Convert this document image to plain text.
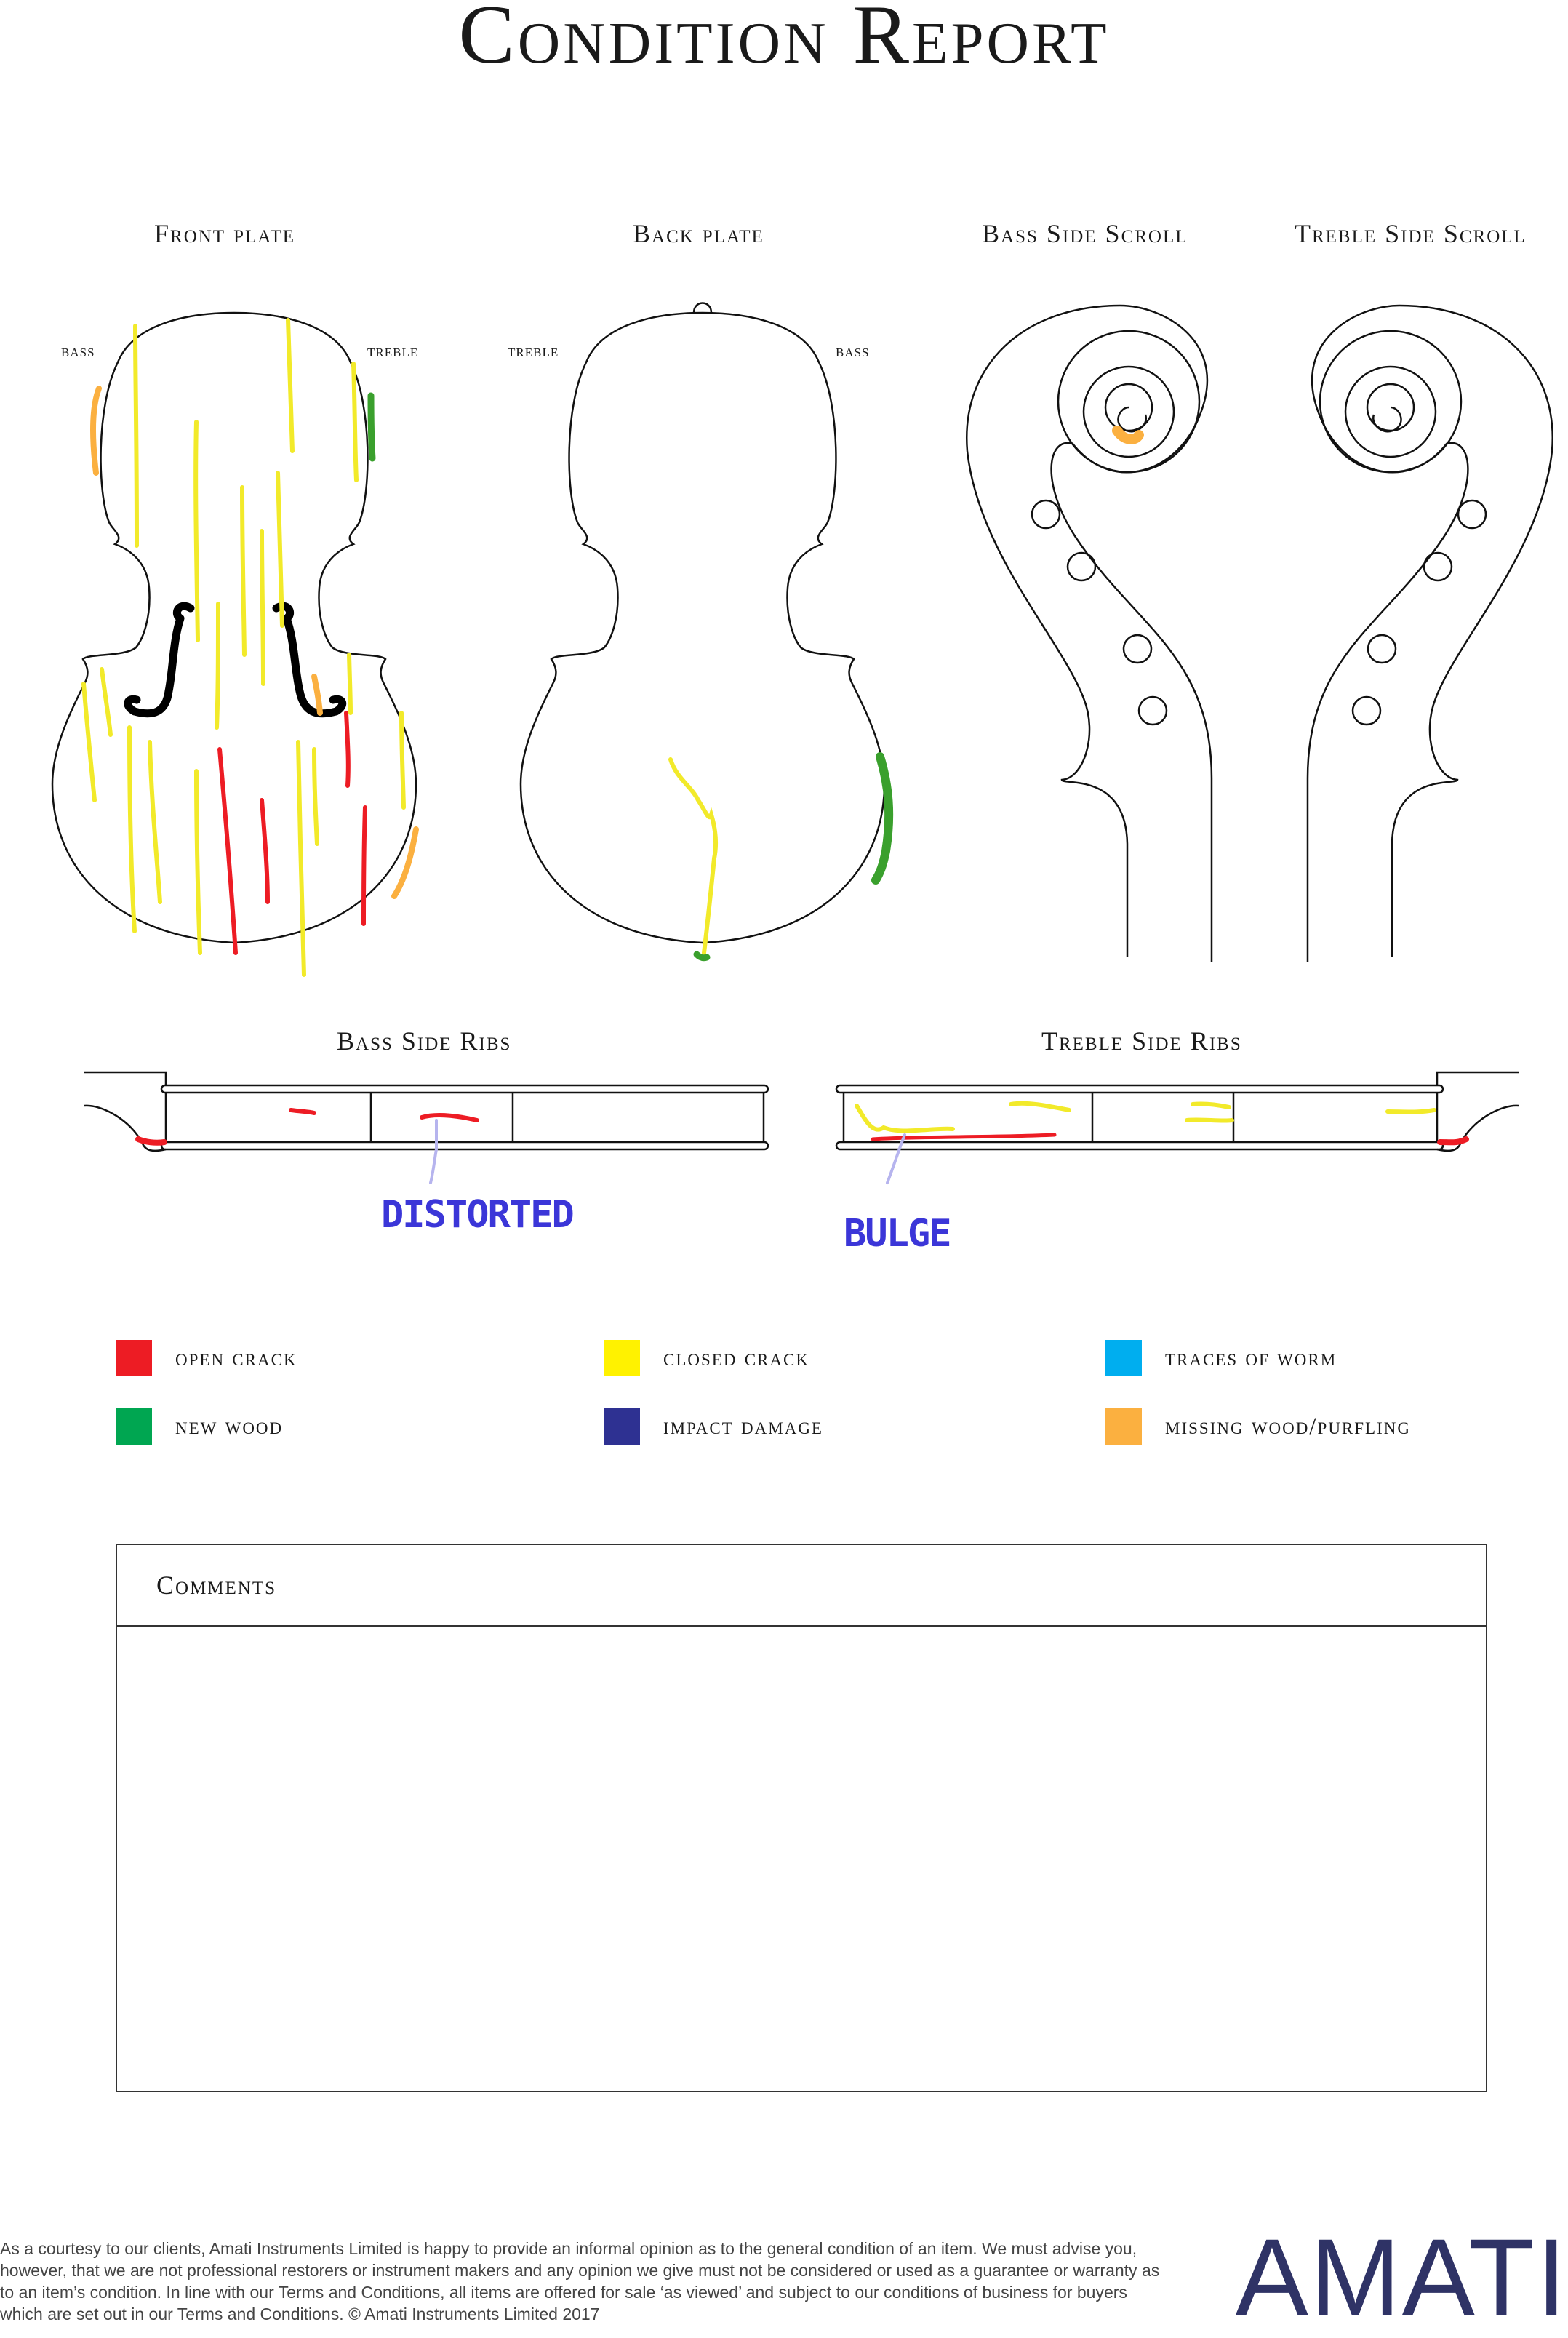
Condition Report
Front plate	Back plate	Bass Side Scroll	Treble Side Scroll
Bass Side Ribs	Treble Side Ribs
bass	treble	treble	bass
DISTORTED	BULGE
open crack	closed crack	traces of worm
new wood	impact damage	missing wood/purfling
Comments
As a courtesy to our clients, Amati Instruments Limited is happy to provide an informal opinion as to the general condition of an item. We must advise you, however, that we are not professional restorers or instrument makers and any opinion we give must not be considered or used as a guarantee or warranty as to an item’s condition. In line with our Terms and Conditions, all items are offered for sale ‘as viewed’ and subject to our conditions of business for buyers which are set out in our Terms and Conditions. © Amati Instruments Limited 2017	AMATI
